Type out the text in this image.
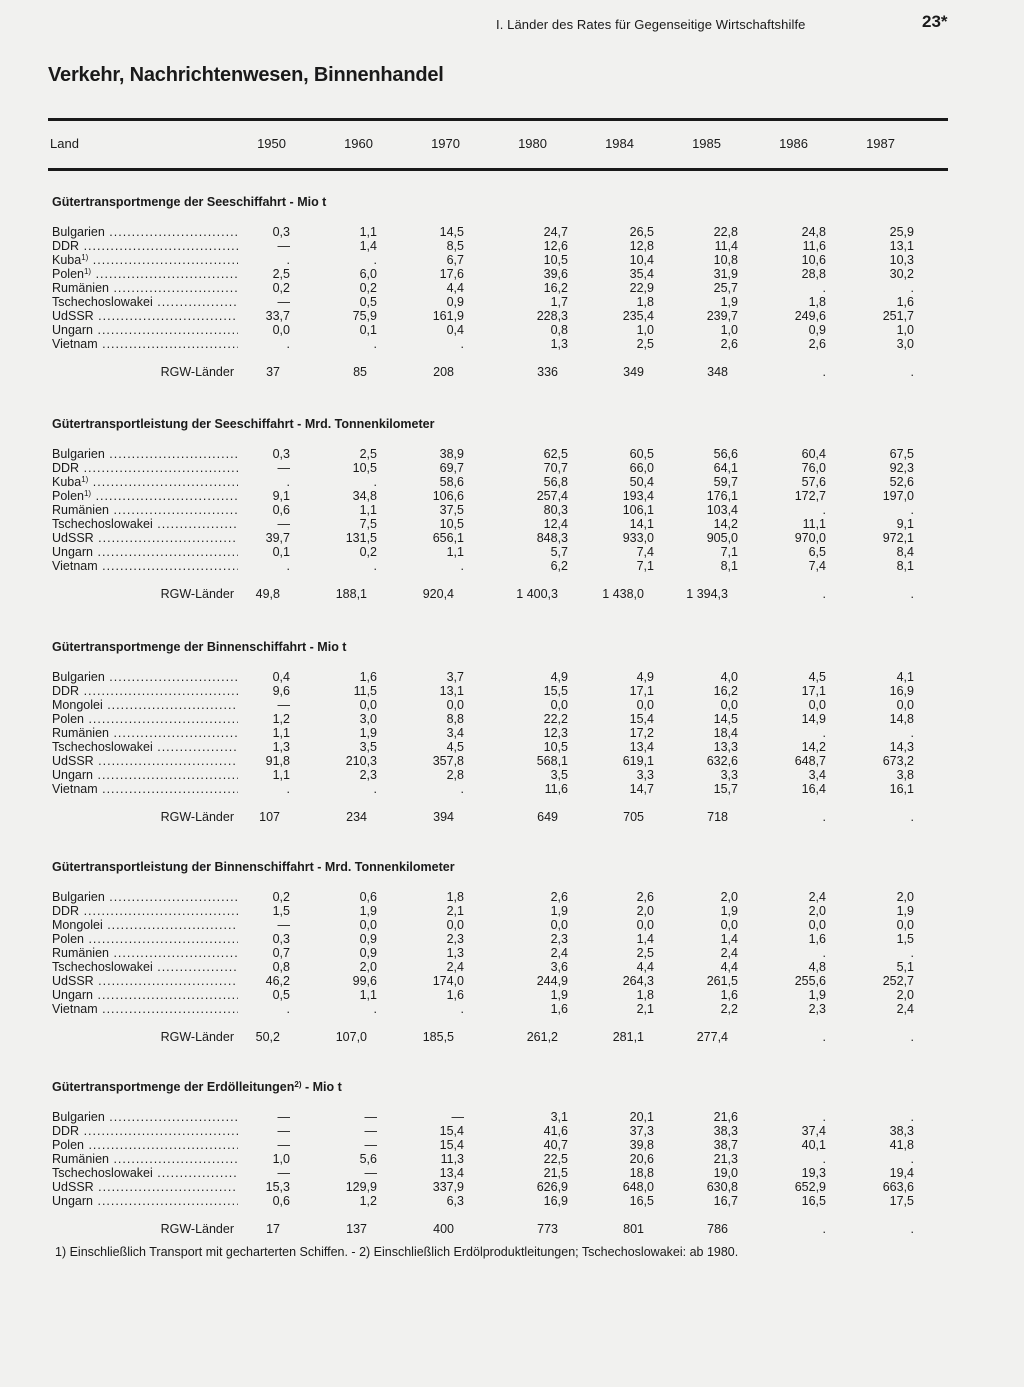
I. Länder des Rates für Gegenseitige Wirtschaftshilfe	23*
Verkehr, Nachrichtenwesen, Binnenhandel
Land	1950	1960	1970	1980	1984	1985	1986	1987
Gütertransportmenge der Seeschiffahrt - Mio t
Bulgarien .....	0,3	1,1	14,5	24,7	26,5	22,8	24,8	25,9
DDR .....	—	1,4	8,5	12,6	12,8	11,4	11,6	13,1
Kuba$^{1)}$ .....	.	.	6,7	10,5	10,4	10,8	10,6	10,3
Polen$^{1)}$ .....	2,5	6,0	17,6	39,6	35,4	31,9	28,8	30,2
Rumänien .....	0,2	0,2	4,4	16,2	22,9	25,7	.	.
Tschechoslowakei .....	—	0,5	0,9	1,7	1,8	1,9	1,8	1,6
UdSSR .....	33,7	75,9	161,9	228,3	235,4	239,7	249,6	251,7
Ungarn .....	0,0	0,1	0,4	0,8	1,0	1,0	0,9	1,0
Vietnam .....	.	.	.	1,3	2,5	2,6	2,6	3,0
RGW-Länder	37	85	208	336	349	348	.	.
Gütertransportleistung der Seeschiffahrt - Mrd. Tonnenkilometer
Bulgarien .....	0,3	2,5	38,9	62,5	60,5	56,6	60,4	67,5
DDR .....	—	10,5	69,7	70,7	66,0	64,1	76,0	92,3
Kuba$^{1)}$ .....	.	.	58,6	56,8	50,4	59,7	57,6	52,6
Polen$^{1)}$ .....	9,1	34,8	106,6	257,4	193,4	176,1	172,7	197,0
Rumänien .....	0,6	1,1	37,5	80,3	106,1	103,4	.	.
Tschechoslowakei .....	—	7,5	10,5	12,4	14,1	14,2	11,1	9,1
UdSSR .....	39,7	131,5	656,1	848,3	933,0	905,0	970,0	972,1
Ungarn .....	0,1	0,2	1,1	5,7	7,4	7,1	6,5	8,4
Vietnam .....	.	.	.	6,2	7,1	8,1	7,4	8,1
RGW-Länder	49,8	188,1	920,4	1 400,3	1 438,0	1 394,3	.	.
Gütertransportmenge der Binnenschiffahrt - Mio t
Bulgarien .....	0,4	1,6	3,7	4,9	4,9	4,0	4,5	4,1
DDR .....	9,6	11,5	13,1	15,5	17,1	16,2	17,1	16,9
Mongolei .....	—	0,0	0,0	0,0	0,0	0,0	0,0	0,0
Polen .....	1,2	3,0	8,8	22,2	15,4	14,5	14,9	14,8
Rumänien .....	1,1	1,9	3,4	12,3	17,2	18,4	.	.
Tschechoslowakei .....	1,3	3,5	4,5	10,5	13,4	13,3	14,2	14,3
UdSSR .....	91,8	210,3	357,8	568,1	619,1	632,6	648,7	673,2
Ungarn .....	1,1	2,3	2,8	3,5	3,3	3,3	3,4	3,8
Vietnam .....	.	.	.	11,6	14,7	15,7	16,4	16,1
RGW-Länder	107	234	394	649	705	718	.	.
Gütertransportleistung der Binnenschiffahrt - Mrd. Tonnenkilometer
Bulgarien .....	0,2	0,6	1,8	2,6	2,6	2,0	2,4	2,0
DDR .....	1,5	1,9	2,1	1,9	2,0	1,9	2,0	1,9
Mongolei .....	—	0,0	0,0	0,0	0,0	0,0	0,0	0,0
Polen .....	0,3	0,9	2,3	2,3	1,4	1,4	1,6	1,5
Rumänien .....	0,7	0,9	1,3	2,4	2,5	2,4	.	.
Tschechoslowakei .....	0,8	2,0	2,4	3,6	4,4	4,4	4,8	5,1
UdSSR .....	46,2	99,6	174,0	244,9	264,3	261,5	255,6	252,7
Ungarn .....	0,5	1,1	1,6	1,9	1,8	1,6	1,9	2,0
Vietnam .....	.	.	.	1,6	2,1	2,2	2,3	2,4
RGW-Länder	50,2	107,0	185,5	261,2	281,1	277,4	.	.
Gütertransportmenge der Erdölleitungen$^{2)}$ - Mio t
Bulgarien .....	—	—	—	3,1	20,1	21,6	.	.
DDR .....	—	—	15,4	41,6	37,3	38,3	37,4	38,3
Polen .....	—	—	15,4	40,7	39,8	38,7	40,1	41,8
Rumänien .....	1,0	5,6	11,3	22,5	20,6	21,3	.	.
Tschechoslowakei .....	—	—	13,4	21,5	18,8	19,0	19,3	19,4
UdSSR .....	15,3	129,9	337,9	626,9	648,0	630,8	652,9	663,6
Ungarn .....	0,6	1,2	6,3	16,9	16,5	16,7	16,5	17,5
RGW-Länder	17	137	400	773	801	786	.	.
1) Einschließlich Transport mit gecharterten Schiffen. - 2) Einschließlich Erdölproduktleitungen; Tschechoslowakei: ab 1980.
